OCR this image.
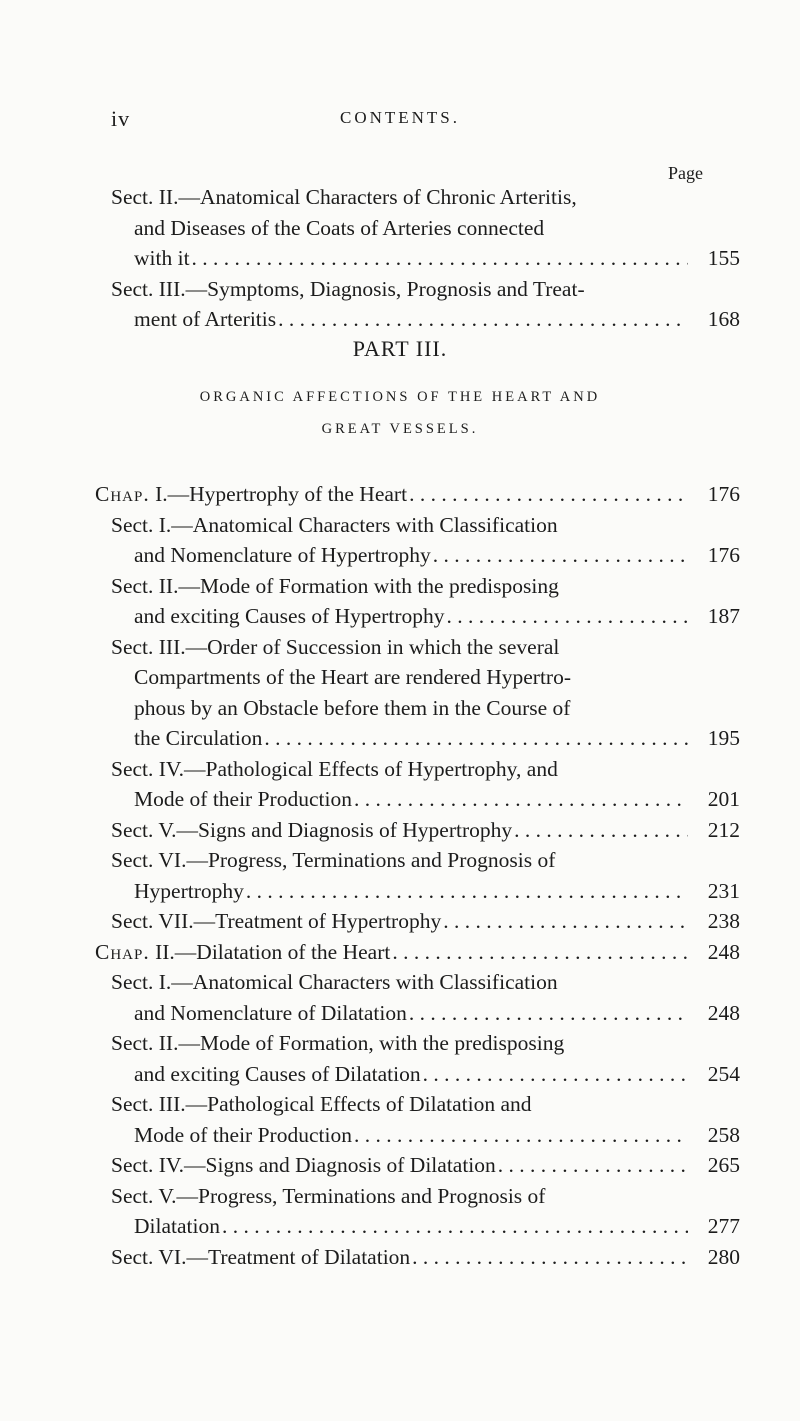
iv	CONTENTS.
Page
Sect. II.—Anatomical Characters of Chronic Arteritis,
and Diseases of the Coats of Arteries connected
with it . . .	155
Sect. III.—Symptoms, Diagnosis, Prognosis and Treat-
ment of Arteritis . . .	168
PART III.
ORGANIC AFFECTIONS OF THE HEART AND
GREAT VESSELS.
Chap. I.—Hypertrophy of the Heart . . .	176
Sect. I.—Anatomical Characters with Classification
and Nomenclature of Hypertrophy . . .	176
Sect. II.—Mode of Formation with the predisposing
and exciting Causes of Hypertrophy . . .	187
Sect. III.—Order of Succession in which the several
Compartments of the Heart are rendered Hypertro-
phous by an Obstacle before them in the Course of
the Circulation . . .	195
Sect. IV.—Pathological Effects of Hypertrophy, and
Mode of their Production . . .	201
Sect. V.—Signs and Diagnosis of Hypertrophy . . .	212
Sect. VI.—Progress, Terminations and Prognosis of
Hypertrophy . . .	231
Sect. VII.—Treatment of Hypertrophy . . .	238
Chap. II.—Dilatation of the Heart . . .	248
Sect. I.—Anatomical Characters with Classification
and Nomenclature of Dilatation . . .	248
Sect. II.—Mode of Formation, with the predisposing
and exciting Causes of Dilatation . . .	254
Sect. III.—Pathological Effects of Dilatation and
Mode of their Production . . .	258
Sect. IV.—Signs and Diagnosis of Dilatation . . .	265
Sect. V.—Progress, Terminations and Prognosis of
Dilatation . . .	277
Sect. VI.—Treatment of Dilatation . . .	280
